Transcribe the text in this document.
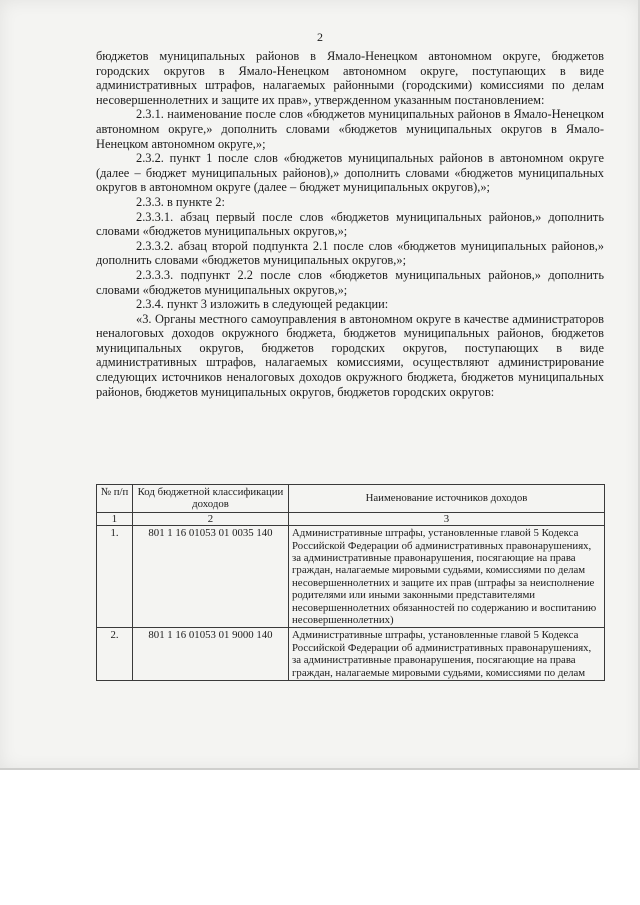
2

бюджетов муниципальных районов в Ямало-Ненецком автономном округе, бюджетов городских округов в Ямало-Ненецком автономном округе, поступающих в виде административных штрафов, налагаемых районными (городскими) комиссиями по делам несовершеннолетних и защите их прав», утвержденном указанным постановлением:

2.3.1. наименование после слов «бюджетов муниципальных районов в Ямало-Ненецком автономном округе,» дополнить словами «бюджетов муниципальных округов в Ямало-Ненецком автономном округе,»;

2.3.2. пункт 1 после слов «бюджетов муниципальных районов в автономном округе (далее – бюджет муниципальных районов),» дополнить словами «бюджетов муниципальных округов в автономном округе (далее – бюджет муниципальных округов),»;

2.3.3. в пункте 2:

2.3.3.1. абзац первый после слов «бюджетов муниципальных районов,» дополнить словами «бюджетов муниципальных округов,»;

2.3.3.2. абзац второй подпункта 2.1 после слов «бюджетов муниципальных районов,» дополнить словами «бюджетов муниципальных округов,»;

2.3.3.3. подпункт 2.2 после слов «бюджетов муниципальных районов,» дополнить словами «бюджетов муниципальных округов,»;

2.3.4. пункт 3 изложить в следующей редакции:

«3. Органы местного самоуправления в автономном округе в качестве администраторов неналоговых доходов окружного бюджета, бюджетов муниципальных районов, бюджетов муниципальных округов, бюджетов городских округов, поступающих в виде административных штрафов, налагаемых комиссиями, осуществляют администрирование следующих источников неналоговых доходов окружного бюджета, бюджетов муниципальных районов, бюджетов муниципальных округов, бюджетов городских округов:

№ п/п	Код бюджетной классификации доходов	Наименование источников доходов
1	2	3
1.	801 1 16 01053 01 0035 140	Административные штрафы, установленные главой 5 Кодекса Российской Федерации об административных правонарушениях, за административные правонарушения, посягающие на права граждан, налагаемые мировыми судьями, комиссиями по делам несовершеннолетних и защите их прав (штрафы за неисполнение родителями или иными законными представителями несовершеннолетних обязанностей по содержанию и воспитанию несовершеннолетних)
2.	801 1 16 01053 01 9000 140	Административные штрафы, установленные главой 5 Кодекса Российской Федерации об административных правонарушениях, за административные правонарушения, посягающие на права граждан, налагаемые мировыми судьями, комиссиями по делам
